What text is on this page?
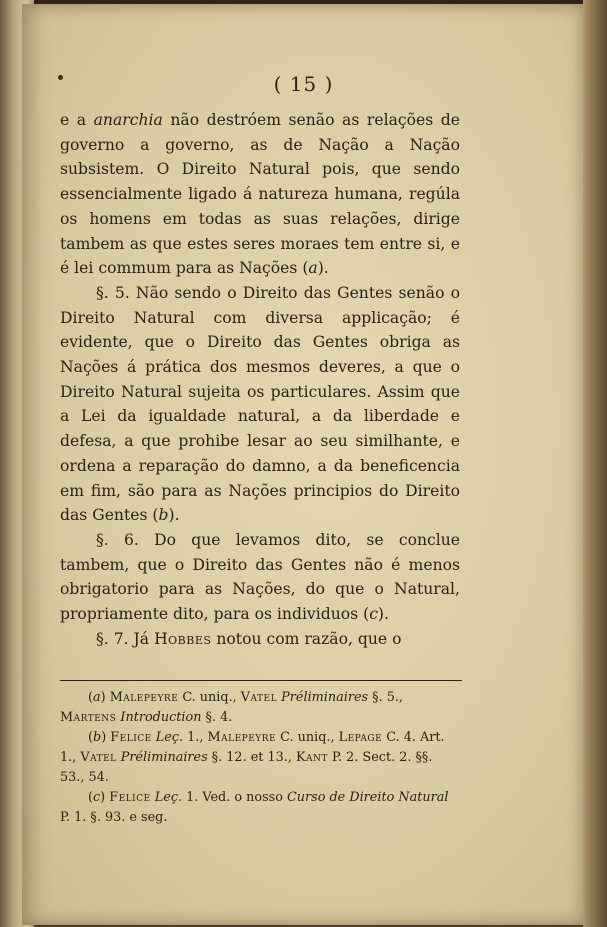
( 15 )

e a anarchia não destróem senão as relações de governo a governo, as de Nação a Nação subsistem. O Direito Natural pois, que sendo essencialmente ligado á natureza humana, regúla os homens em todas as suas relações, dirige tambem as que estes seres moraes tem entre si, e é lei commum para as Nações (a).

§. 5. Não sendo o Direito das Gentes senão o Direito Natural com diversa applicação; é evidente, que o Direito das Gentes obriga as Nações á prática dos mesmos deveres, a que o Direito Natural sujeita os particulares. Assim que a Lei da igualdade natural, a da liberdade e defesa, a que prohibe lesar ao seu similhante, e ordena a reparação do damno, a da beneficencia em fim, são para as Nações principios do Direito das Gentes (b).

§. 6. Do que levamos dito, se conclue tambem, que o Direito das Gentes não é menos obrigatorio para as Nações, do que o Natural, propriamente dito, para os individuos (c).

§. 7. Já Hobbes notou com razão, que o

(a) Malepeyre C. uniq., Vatel Préliminaires §. 5., Martens Introduction §. 4.

(b) Felice Leç. 1., Malepeyre C. uniq., Lepage C. 4. Art. 1., Vatel Préliminaires §. 12. et 13., Kant P. 2. Sect. 2. §§. 53., 54.

(c) Felice Leç. 1. Ved. o nosso Curso de Direito Natural P. 1. §. 93. e seg.
